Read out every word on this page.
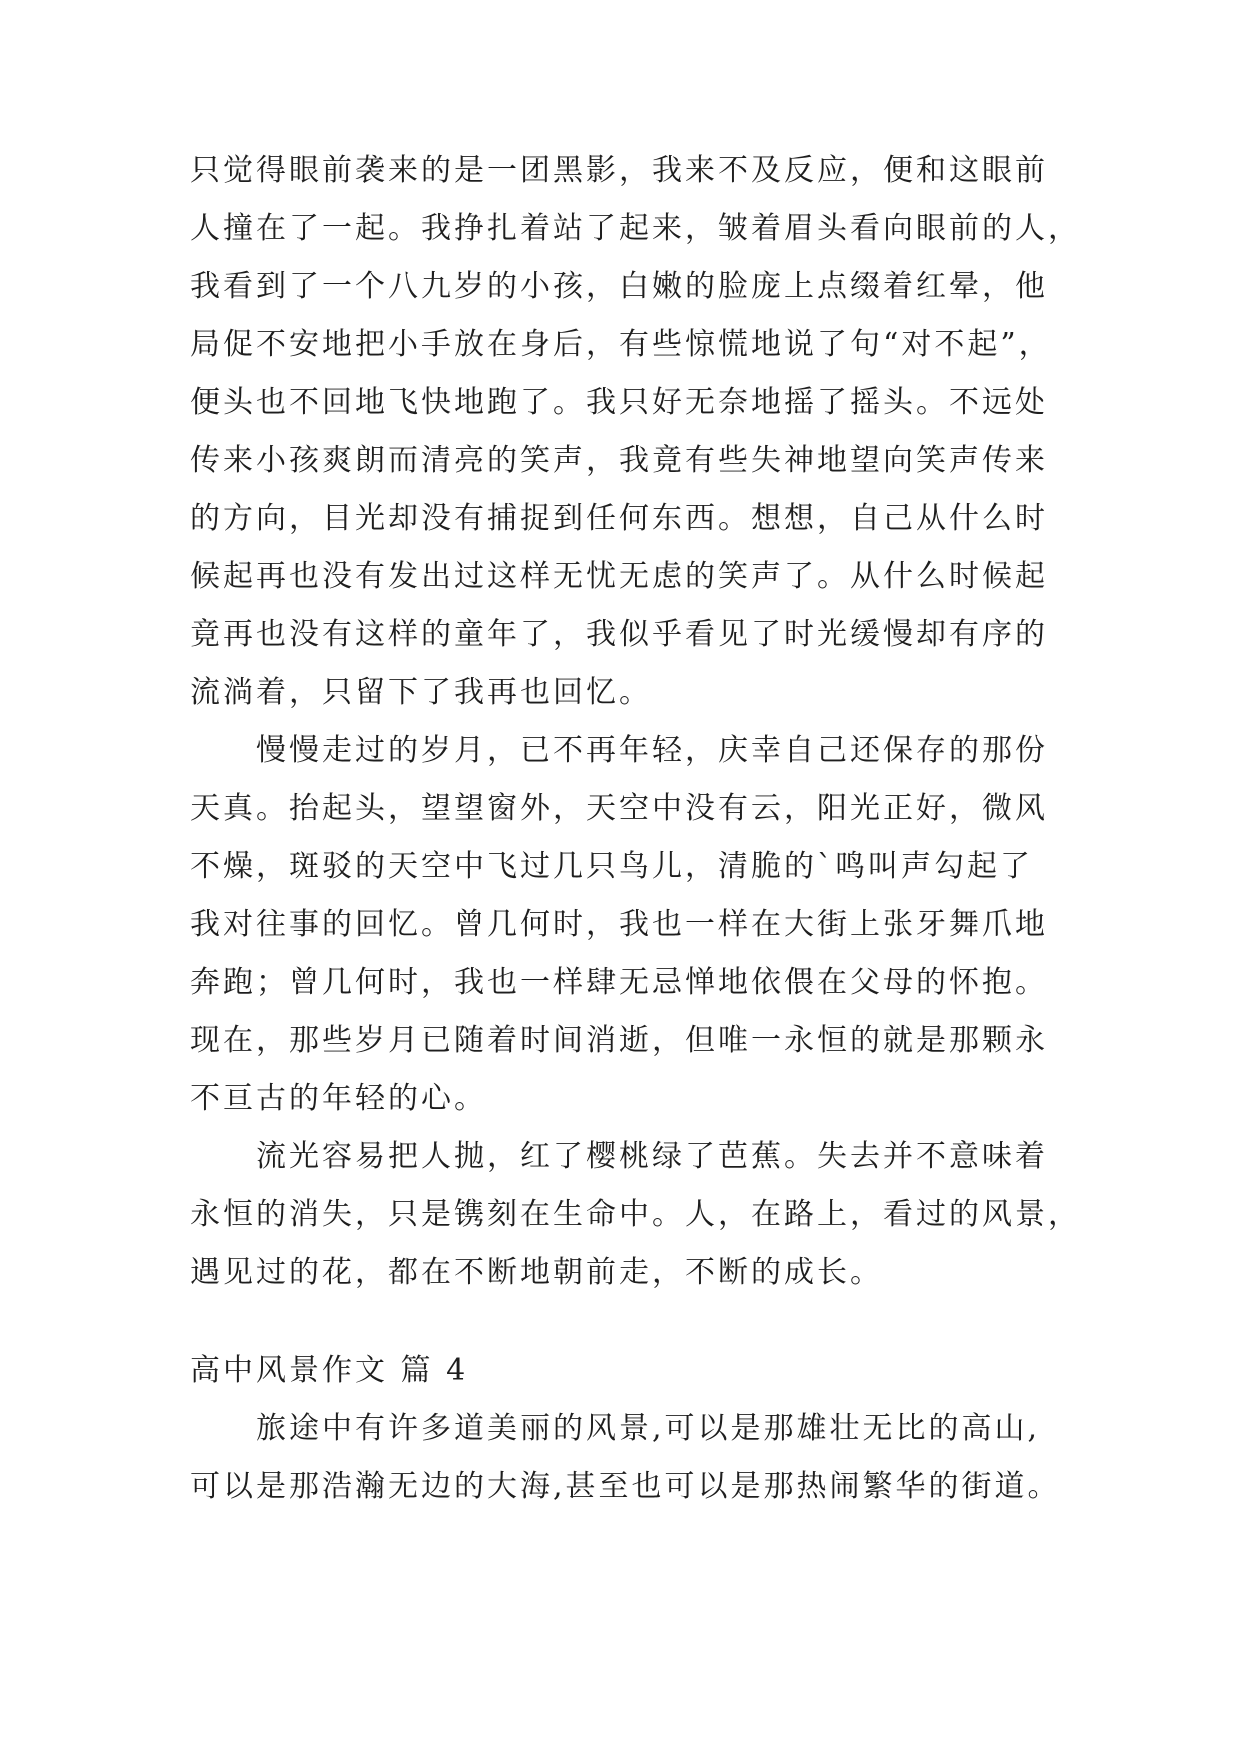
只觉得眼前袭来的是一团黑影，我来不及反应，便和这眼前
人撞在了一起。我挣扎着站了起来，皱着眉头看向眼前的人，
我看到了一个八九岁的小孩，白嫩的脸庞上点缀着红晕，他
局促不安地把小手放在身后，有些惊慌地说了句“对不起”，
便头也不回地飞快地跑了。我只好无奈地摇了摇头。不远处
传来小孩爽朗而清亮的笑声，我竟有些失神地望向笑声传来
的方向，目光却没有捕捉到任何东西。想想，自己从什么时
候起再也没有发出过这样无忧无虑的笑声了。从什么时候起
竟再也没有这样的童年了，我似乎看见了时光缓慢却有序的
流淌着，只留下了我再也回忆。
慢慢走过的岁月，已不再年轻，庆幸自己还保存的那份
天真。抬起头，望望窗外，天空中没有云，阳光正好，微风
不燥，斑驳的天空中飞过几只鸟儿，清脆的`鸣叫声勾起了
我对往事的回忆。曾几何时，我也一样在大街上张牙舞爪地
奔跑；曾几何时，我也一样肆无忌惮地依偎在父母的怀抱。
现在，那些岁月已随着时间消逝，但唯一永恒的就是那颗永
不亘古的年轻的心。
流光容易把人抛，红了樱桃绿了芭蕉。失去并不意味着
永恒的消失，只是镌刻在生命中。人，在路上，看过的风景，
遇见过的花，都在不断地朝前走，不断的成长。
高中风景作文 篇 4
旅途中有许多道美丽的风景,可以是那雄壮无比的高山,
可以是那浩瀚无边的大海,甚至也可以是那热闹繁华的街道。
